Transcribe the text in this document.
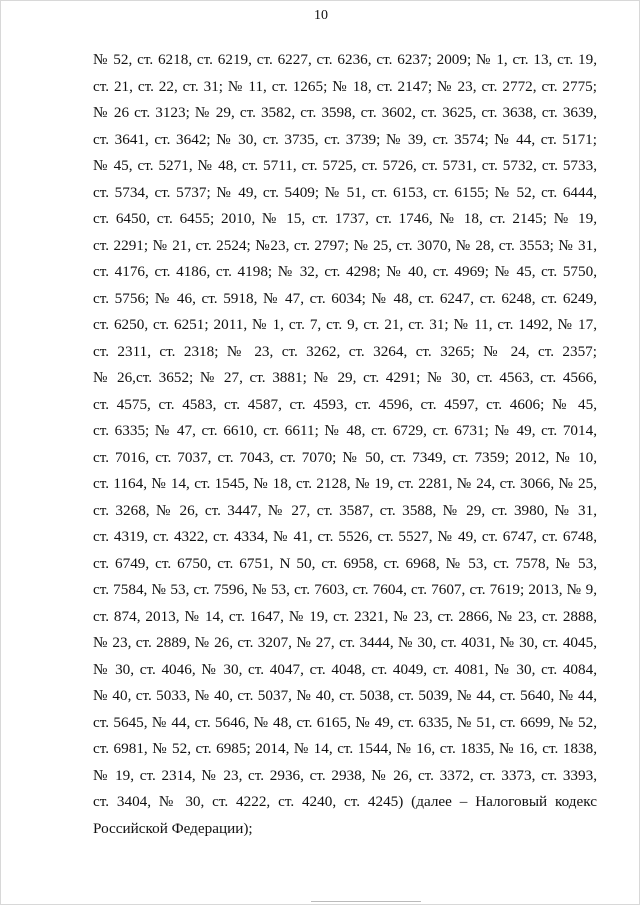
10
№ 52, ст. 6218, ст. 6219, ст. 6227, ст. 6236, ст. 6237; 2009; № 1, ст. 13, ст. 19,
ст. 21, ст. 22, ст. 31; № 11, ст. 1265; № 18, ст. 2147; № 23, ст. 2772, ст. 2775;
№ 26 ст. 3123; № 29, ст. 3582, ст. 3598, ст. 3602, ст. 3625, ст. 3638, ст. 3639,
ст. 3641, ст. 3642; № 30, ст. 3735, ст. 3739; № 39, ст. 3574; № 44, ст. 5171;
№ 45, ст. 5271, № 48, ст. 5711, ст. 5725, ст. 5726, ст. 5731, ст. 5732, ст. 5733,
ст. 5734, ст. 5737; № 49, ст. 5409; № 51, ст. 6153, ст. 6155; № 52, ст. 6444,
ст. 6450, ст. 6455; 2010, № 15, ст. 1737, ст. 1746, № 18, ст. 2145; № 19,
ст. 2291; № 21, ст. 2524; №23, ст. 2797; № 25, ст. 3070, № 28, ст. 3553; № 31,
ст. 4176, ст. 4186, ст. 4198; № 32, ст. 4298; № 40, ст. 4969; № 45, ст. 5750,
ст. 5756; № 46, ст. 5918, № 47, ст. 6034; № 48, ст. 6247, ст. 6248, ст. 6249,
ст. 6250, ст. 6251; 2011, № 1, ст. 7, ст. 9, ст. 21, ст. 31; № 11, ст. 1492, № 17,
ст. 2311, ст. 2318; № 23, ст. 3262, ст. 3264, ст. 3265; № 24, ст. 2357;
№ 26,ст. 3652; № 27, ст. 3881; № 29, ст. 4291; № 30, ст. 4563, ст. 4566,
ст. 4575, ст. 4583, ст. 4587, ст. 4593, ст. 4596, ст. 4597, ст. 4606; № 45,
ст. 6335; № 47, ст. 6610, ст. 6611; № 48, ст. 6729, ст. 6731; № 49, ст. 7014,
ст. 7016, ст. 7037, ст. 7043, ст. 7070; № 50, ст. 7349, ст. 7359; 2012, № 10,
ст. 1164, № 14, ст. 1545, № 18, ст. 2128, № 19, ст. 2281, № 24, ст. 3066, № 25,
ст. 3268, № 26, ст. 3447, № 27, ст. 3587, ст. 3588, № 29, ст. 3980, № 31,
ст. 4319, ст. 4322, ст. 4334, № 41, ст. 5526, ст. 5527, № 49, ст. 6747, ст. 6748,
ст. 6749, ст. 6750, ст. 6751, N 50, ст. 6958, ст. 6968, № 53, ст. 7578, № 53,
ст. 7584, № 53, ст. 7596, № 53, ст. 7603, ст. 7604, ст. 7607, ст. 7619; 2013, № 9,
ст. 874, 2013, № 14, ст. 1647, № 19, ст. 2321, № 23, ст. 2866, № 23, ст. 2888,
№ 23, ст. 2889, № 26, ст. 3207, № 27, ст. 3444, № 30, ст. 4031, № 30, ст. 4045,
№ 30, ст. 4046, № 30, ст. 4047, ст. 4048, ст. 4049, ст. 4081, № 30, ст. 4084,
№ 40, ст. 5033, № 40, ст. 5037, № 40, ст. 5038, ст. 5039, № 44, ст. 5640, № 44,
ст. 5645, № 44, ст. 5646, № 48, ст. 6165, № 49, ст. 6335, № 51, ст. 6699, № 52,
ст. 6981, № 52, ст. 6985; 2014, № 14, ст. 1544, № 16, ст. 1835, № 16, ст. 1838,
№ 19, ст. 2314, № 23, ст. 2936, ст. 2938, № 26, ст. 3372, ст. 3373, ст. 3393,
ст. 3404, № 30, ст. 4222, ст. 4240, ст. 4245) (далее – Налоговый кодекс
Российской Федерации);
